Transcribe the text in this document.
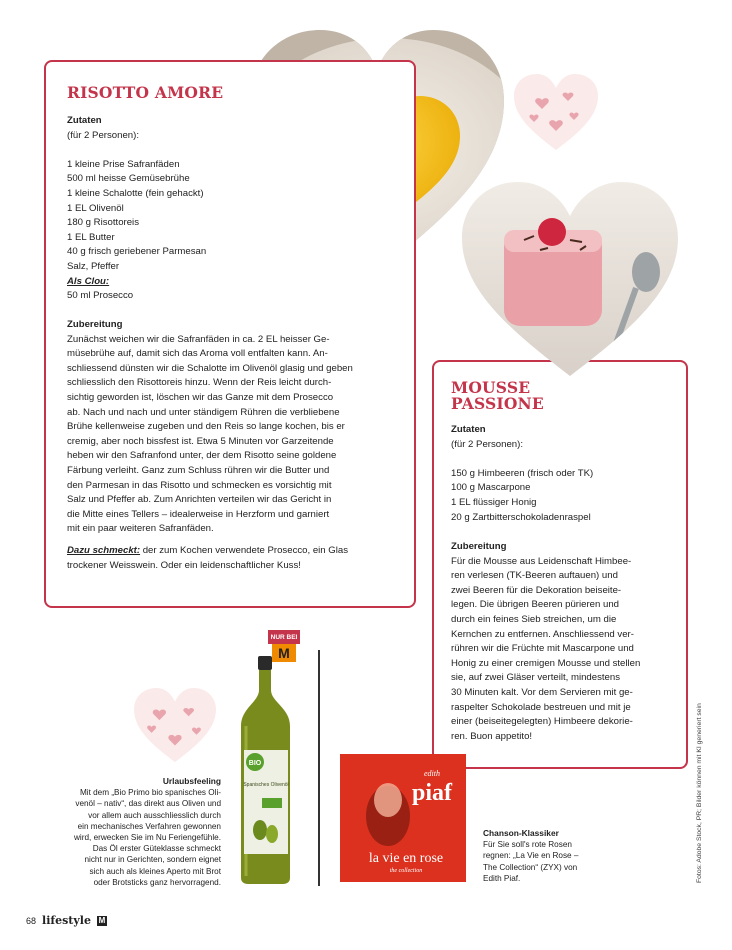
RISOTTO AMORE
MOUSSE
PASSIONE
Zutaten
(für 2 Personen):
1 kleine Prise Safranfäden
500 ml heisse Gemüsebrühe
1 kleine Schalotte (fein gehackt)
1 EL Olivenöl
180 g Risottoreis
1 EL Butter
40 g frisch geriebener Parmesan
Salz, Pfeffer
Als Clou:
50 ml Prosecco
Zubereitung
Zunächst weichen wir die Safranfäden in ca. 2 EL heisser Ge-
müsebrühe auf, damit sich das Aroma voll entfalten kann. An-
schliessend dünsten wir die Schalotte im Olivenöl glasig und geben
schliesslich den Risottoreis hinzu. Wenn der Reis leicht durch-
sichtig geworden ist, löschen wir das Ganze mit dem Prosecco
ab. Nach und nach und unter ständigem Rühren die verbliebene
Brühe kellenweise zugeben und den Reis so lange kochen, bis er
cremig, aber noch bissfest ist. Etwa 5 Minuten vor Garzeitende
heben wir den Safranfond unter, der dem Risotto seine goldene
Färbung verleiht. Ganz zum Schluss rühren wir die Butter und
den Parmesan in das Risotto und schmecken es vorsichtig mit
Salz und Pfeffer ab. Zum Anrichten verteilen wir das Gericht in
die Mitte eines Tellers – idealerweise in Herzform und garniert
mit ein paar weiteren Safranfäden.
Dazu schmeckt: der zum Kochen verwendete Prosecco, ein Glas
trockener Weisswein. Oder ein leidenschaftlicher Kuss!
Zutaten
(für 2 Personen):
150 g Himbeeren (frisch oder TK)
100 g Mascarpone
1 EL flüssiger Honig
20 g Zartbitterschokoladenraspel
Zubereitung
Für die Mousse aus Leidenschaft Himbee-
ren verlesen (TK-Beeren auftauen) und
zwei Beeren für die Dekoration beiseite-
legen. Die übrigen Beeren pürieren und
durch ein feines Sieb streichen, um die
Kernchen zu entfernen. Anschliessend ver-
rühren wir die Früchte mit Mascarpone und
Honig zu einer cremigen Mousse und stellen
sie, auf zwei Gläser verteilt, mindestens
30 Minuten kalt. Vor dem Servieren mit ge-
raspelter Schokolade bestreuen und mit je
einer (beiseitegelegten) Himbeere dekorie-
ren. Buon appetito!
NUR BEI
M
BIO
Spanisches Olivenöl
edith
piaf
la vie en rose
the collection
Urlaubsfeeling
Mit dem „Bio Primo bio spanisches Oli-
venöl – nativ“, das direkt aus Oliven und
vor allem auch ausschliesslich durch
ein mechanisches Verfahren gewonnen
wird, erwecken Sie im Nu Feriengefühle.
Das Öl erster Güteklasse schmeckt
nicht nur in Gerichten, sondern eignet
sich auch als kleines Aperto mit Brot
oder Brotsticks ganz hervorragend.
Chanson-Klassiker
Für Sie soll's rote Rosen
regnen: „La Vie en Rose –
The Collection“ (ZYX) von
Edith Piaf.	Fotos: Adobe Stock, PR; Bilder können mit KI generiert sein
68 lifestyle M
